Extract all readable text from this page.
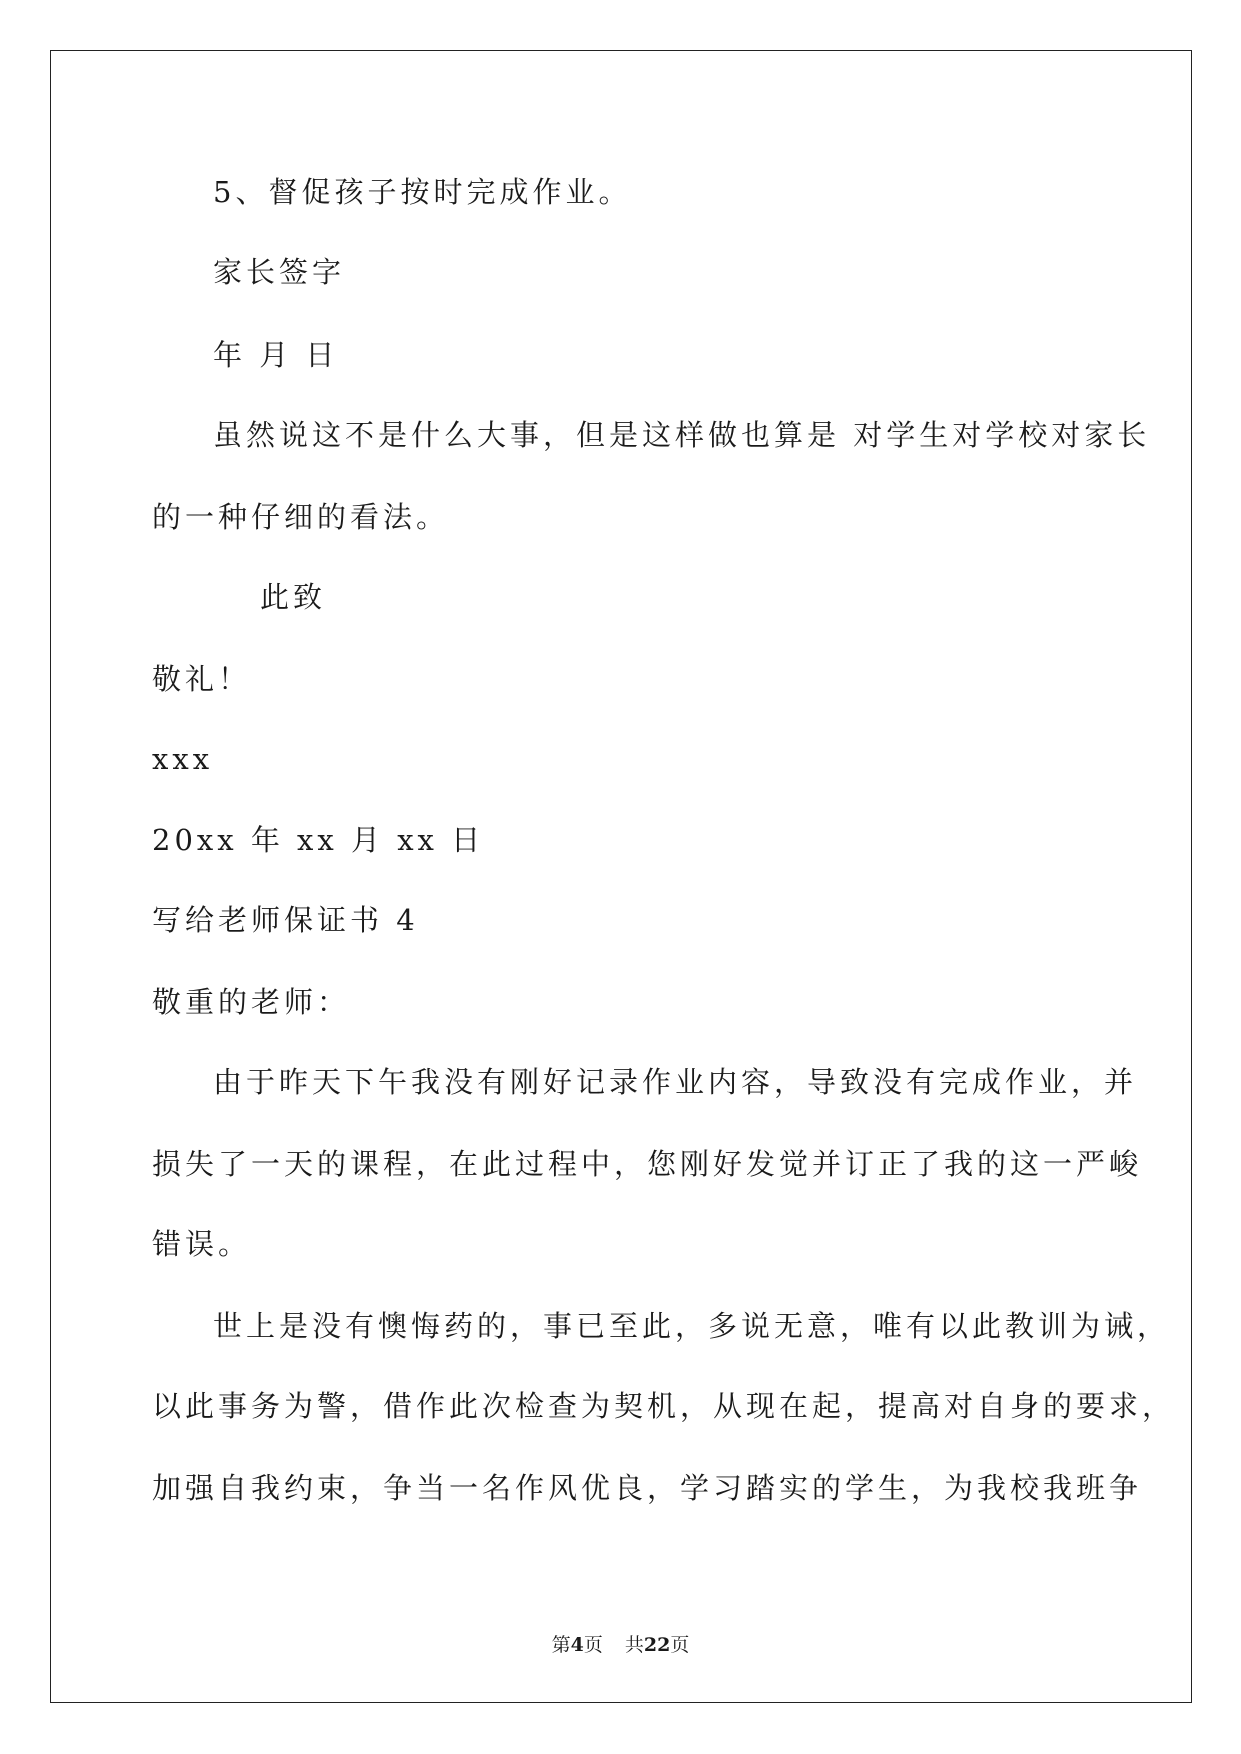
5、督促孩子按时完成作业。
家长签字
年 月 日
虽然说这不是什么大事，但是这样做也算是 对学生对学校对家长
的一种仔细的看法。
此致
敬礼！
xxx
20xx 年 xx 月 xx 日
写给老师保证书 4
敬重的老师：
由于昨天下午我没有刚好记录作业内容，导致没有完成作业，并
损失了一天的课程，在此过程中，您刚好发觉并订正了我的这一严峻
错误。
世上是没有懊悔药的，事已至此，多说无意，唯有以此教训为诫，
以此事务为警，借作此次检查为契机，从现在起，提高对自身的要求，
加强自我约束，争当一名作风优良，学习踏实的学生，为我校我班争
第4页 共22页
